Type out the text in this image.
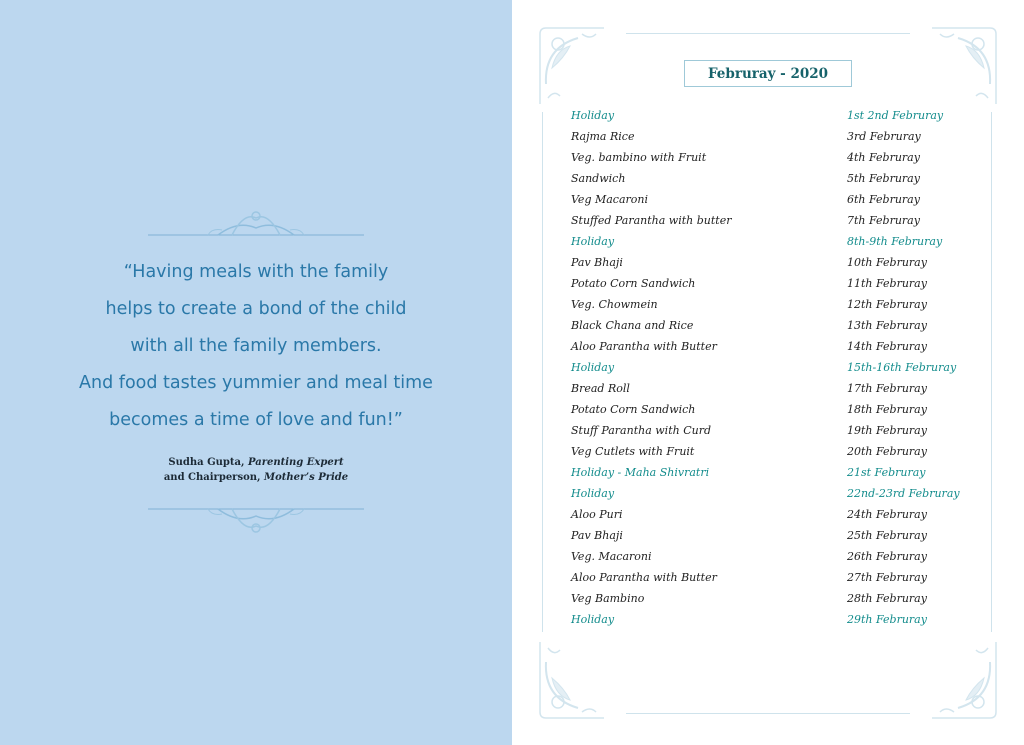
“Having meals with the family
helps to create a bond of the child
with all the family members.
And food tastes yummier and meal time
becomes a time of love and fun!”
Sudha Gupta, Parenting Expert
and Chairperson, Mother’s Pride
Februray - 2020
Holiday	1st 2nd Februray
Rajma Rice	3rd Februray
Veg. bambino with Fruit	4th Februray
Sandwich	5th Februray
Veg Macaroni	6th Februray
Stuffed Parantha with butter	7th Februray
Holiday	8th-9th Februray
Pav Bhaji	10th Februray
Potato Corn Sandwich	11th Februray
Veg. Chowmein	12th Februray
Black Chana and Rice	13th Februray
Aloo Parantha with Butter	14th Februray
Holiday	15th-16th Februray
Bread Roll	17th Februray
Potato Corn Sandwich	18th Februray
Stuff Parantha with Curd	19th Februray
Veg Cutlets with Fruit	20th Februray
Holiday - Maha Shivratri	21st Februray
Holiday	22nd-23rd Februray
Aloo Puri	24th Februray
Pav Bhaji	25th Februray
Veg. Macaroni	26th Februray
Aloo Parantha with Butter	27th Februray
Veg Bambino	28th Februray
Holiday	29th Februray
